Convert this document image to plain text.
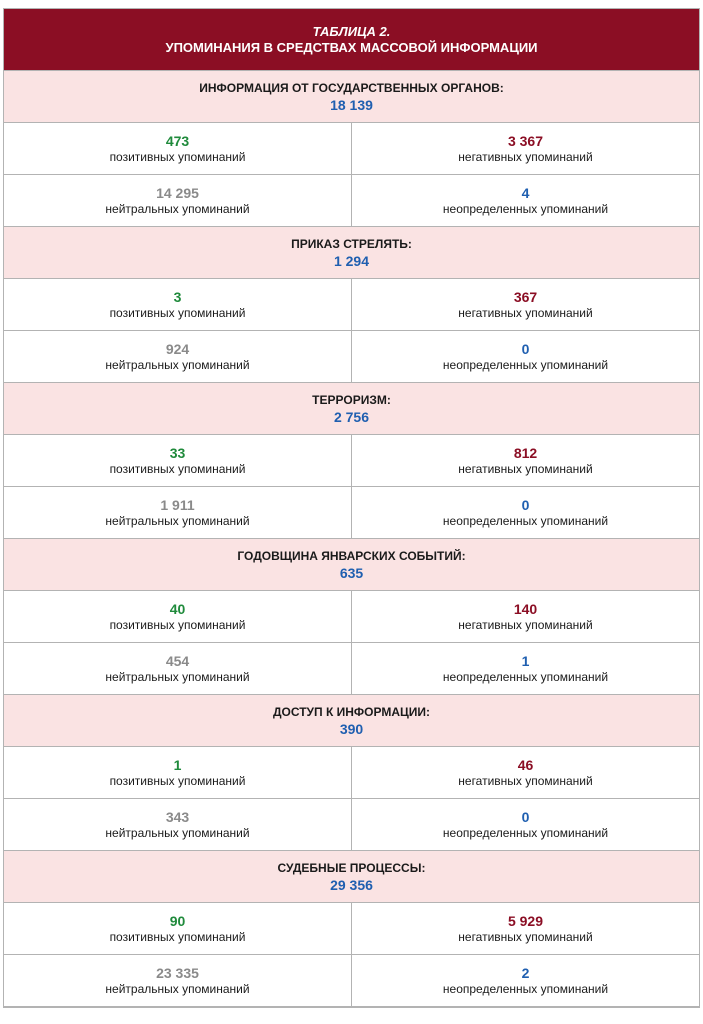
ТАБЛИЦА 2.
УПОМИНАНИЯ В СРЕДСТВАХ МАССОВОЙ ИНФОРМАЦИИ
ИНФОРМАЦИЯ ОТ ГОСУДАРСТВЕННЫХ ОРГАНОВ:
18 139
473
позитивных упоминаний
3 367
негативных упоминаний
14 295
нейтральных упоминаний
4
неопределенных упоминаний
ПРИКАЗ СТРЕЛЯТЬ:
1 294
3
позитивных упоминаний
367
негативных упоминаний
924
нейтральных упоминаний
0
неопределенных упоминаний
ТЕРРОРИЗМ:
2 756
33
позитивных упоминаний
812
негативных упоминаний
1 911
нейтральных упоминаний
0
неопределенных упоминаний
ГОДОВЩИНА ЯНВАРСКИХ СОБЫТИЙ:
635
40
позитивных упоминаний
140
негативных упоминаний
454
нейтральных упоминаний
1
неопределенных упоминаний
ДОСТУП К ИНФОРМАЦИИ:
390
1
позитивных упоминаний
46
негативных упоминаний
343
нейтральных упоминаний
0
неопределенных упоминаний
СУДЕБНЫЕ ПРОЦЕССЫ:
29 356
90
позитивных упоминаний
5 929
негативных упоминаний
23 335
нейтральных упоминаний
2
неопределенных упоминаний
